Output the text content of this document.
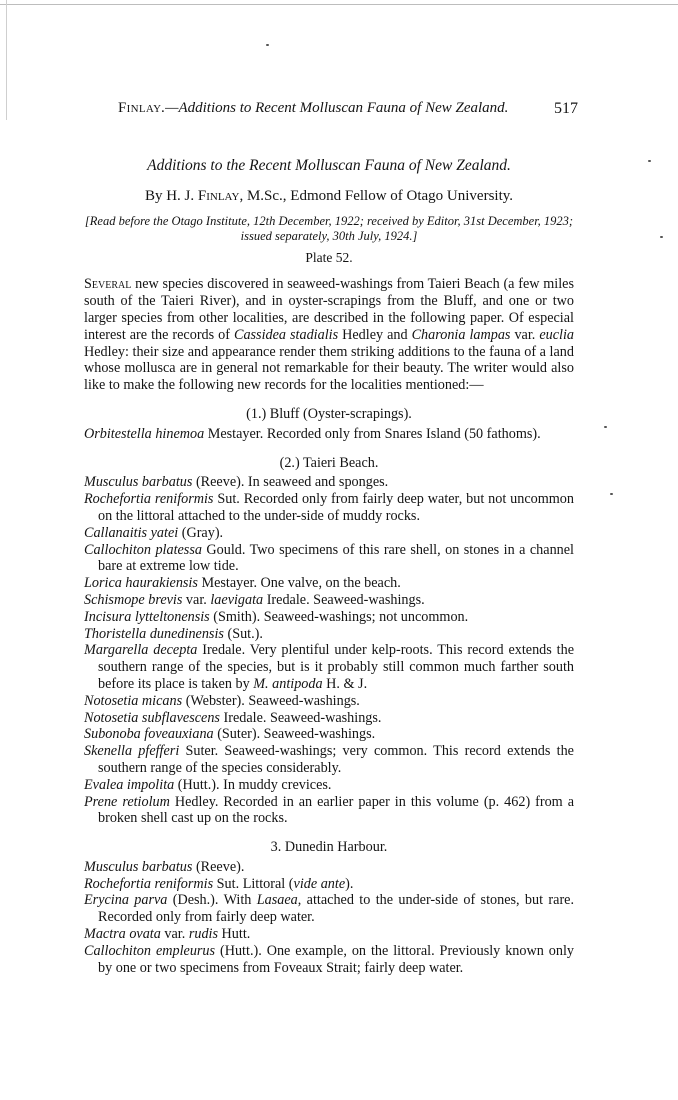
Finlay.—Additions to Recent Molluscan Fauna of New Zealand.	517
Additions to the Recent Molluscan Fauna of New Zealand.
By H. J. Finlay, M.Sc., Edmond Fellow of Otago University.
[Read before the Otago Institute, 12th December, 1922; received by Editor, 31st December, 1923; issued separately, 30th July, 1924.]
Plate 52.

Several new species discovered in seaweed-washings from Taieri Beach (a few miles south of the Taieri River), and in oyster-scrapings from the Bluff, and one or two larger species from other localities, are described in the following paper. Of especial interest are the records of Cassidea stadialis Hedley and Charonia lampas var. euclia Hedley: their size and appearance render them striking additions to the fauna of a land whose mollusca are in general not remarkable for their beauty. The writer would also like to make the following new records for the localities mentioned:—

(1.) Bluff (Oyster-scrapings).
Orbitestella hinemoa Mestayer. Recorded only from Snares Island (50 fathoms).
(2.) Taieri Beach.
Musculus barbatus (Reeve). In seaweed and sponges.
Rochefortia reniformis Sut. Recorded only from fairly deep water, but not uncommon on the littoral attached to the under-side of muddy rocks.
Callanaitis yatei (Gray).
Callochiton platessa Gould. Two specimens of this rare shell, on stones in a channel bare at extreme low tide.
Lorica haurakiensis Mestayer. One valve, on the beach.
Schismope brevis var. laevigata Iredale. Seaweed-washings.
Incisura lytteltonensis (Smith). Seaweed-washings; not uncommon.
Thoristella dunedinensis (Sut.).
Margarella decepta Iredale. Very plentiful under kelp-roots. This record extends the southern range of the species, but is it probably still common much farther south before its place is taken by M. antipoda H. & J.
Notosetia micans (Webster). Seaweed-washings.
Notosetia subflavescens Iredale. Seaweed-washings.
Subonoba foveauxiana (Suter). Seaweed-washings.
Skenella pfefferi Suter. Seaweed-washings; very common. This record extends the southern range of the species considerably.
Evalea impolita (Hutt.). In muddy crevices.
Prene retiolum Hedley. Recorded in an earlier paper in this volume (p. 462) from a broken shell cast up on the rocks.
3. Dunedin Harbour.
Musculus barbatus (Reeve).
Rochefortia reniformis Sut. Littoral (vide ante).
Erycina parva (Desh.). With Lasaea, attached to the under-side of stones, but rare. Recorded only from fairly deep water.
Mactra ovata var. rudis Hutt.
Callochiton empleurus (Hutt.). One example, on the littoral. Previously known only by one or two specimens from Foveaux Strait; fairly deep water.
